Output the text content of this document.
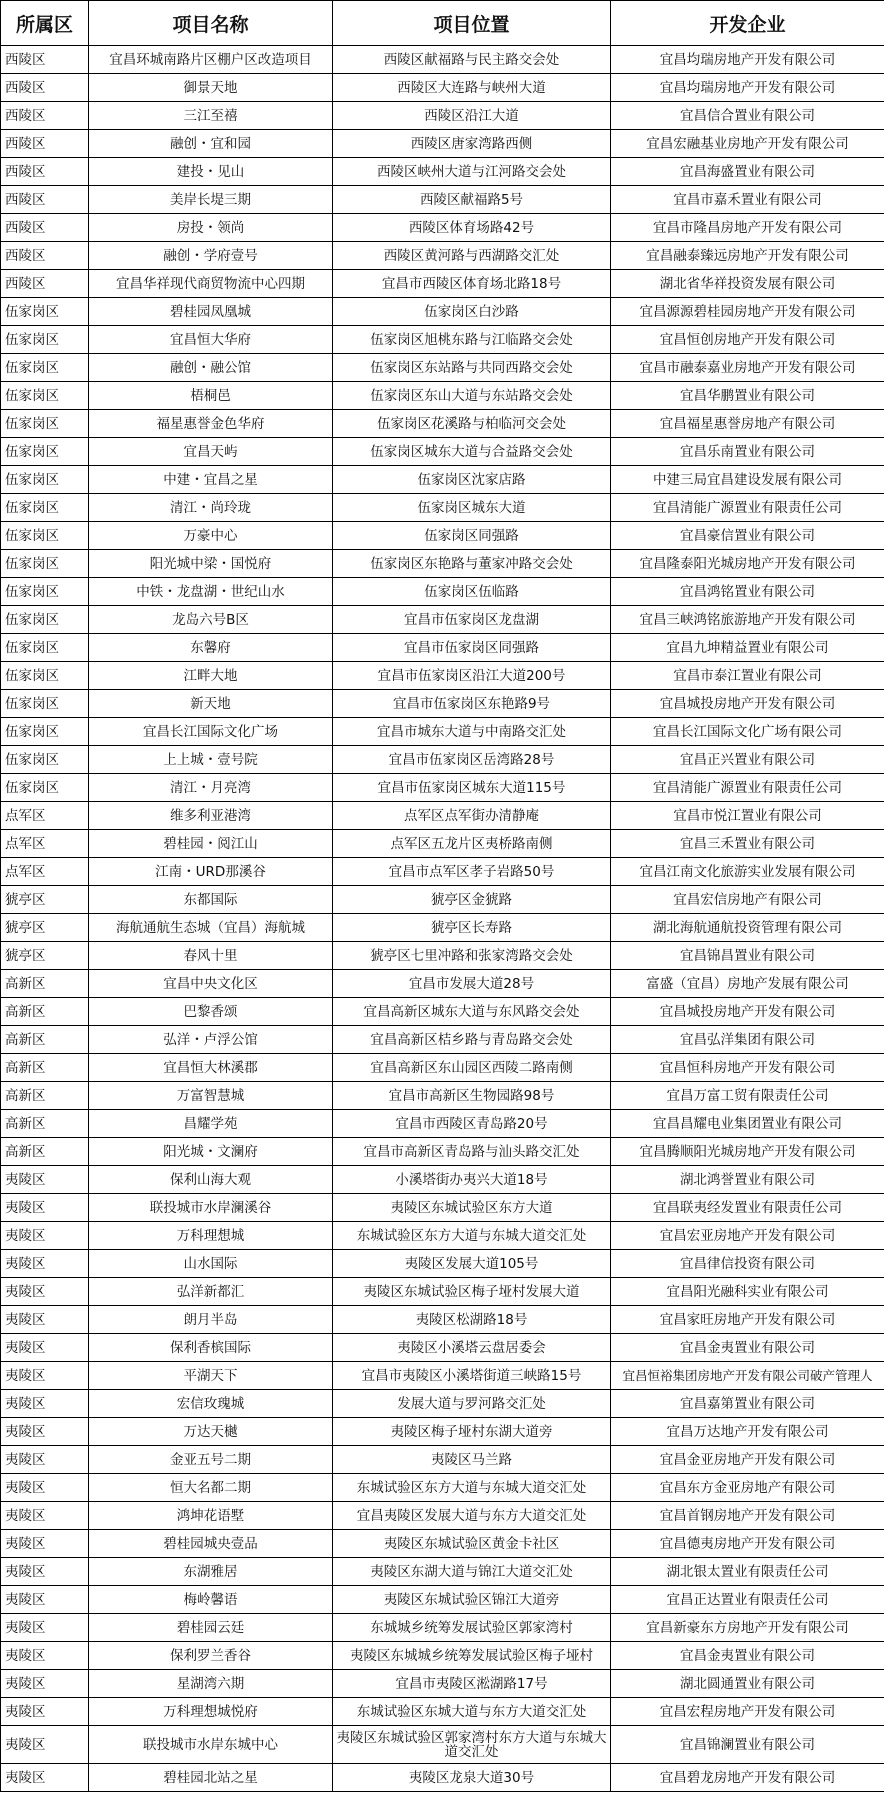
所属区	项目名称	项目位置	开发企业
西陵区	宜昌环城南路片区棚户区改造项目	西陵区献福路与民主路交会处	宜昌均瑞房地产开发有限公司
西陵区	御景天地	西陵区大连路与峡州大道	宜昌均瑞房地产开发有限公司
西陵区	三江至禧	西陵区沿江大道	宜昌信合置业有限公司
西陵区	融创・宜和园	西陵区唐家湾路西侧	宜昌宏融基业房地产开发有限公司
西陵区	建投・见山	西陵区峡州大道与江河路交会处	宜昌海盛置业有限公司
西陵区	美岸长堤三期	西陵区献福路5号	宜昌市嘉禾置业有限公司
西陵区	房投・领尚	西陵区体育场路42号	宜昌市隆昌房地产开发有限公司
西陵区	融创・学府壹号	西陵区黄河路与西湖路交汇处	宜昌融泰臻远房地产开发有限公司
西陵区	宜昌华祥现代商贸物流中心四期	宜昌市西陵区体育场北路18号	湖北省华祥投资发展有限公司
伍家岗区	碧桂园凤凰城	伍家岗区白沙路	宜昌源源碧桂园房地产开发有限公司
伍家岗区	宜昌恒大华府	伍家岗区旭桃东路与江临路交会处	宜昌恒创房地产开发有限公司
伍家岗区	融创・融公馆	伍家岗区东站路与共同西路交会处	宜昌市融泰嘉业房地产开发有限公司
伍家岗区	梧桐邑	伍家岗区东山大道与东站路交会处	宜昌华鹏置业有限公司
伍家岗区	福星惠誉金色华府	伍家岗区花溪路与柏临河交会处	宜昌福星惠誉房地产有限公司
伍家岗区	宜昌天屿	伍家岗区城东大道与合益路交会处	宜昌乐南置业有限公司
伍家岗区	中建・宜昌之星	伍家岗区沈家店路	中建三局宜昌建设发展有限公司
伍家岗区	清江・尚玲珑	伍家岗区城东大道	宜昌清能广源置业有限责任公司
伍家岗区	万豪中心	伍家岗区同强路	宜昌豪信置业有限公司
伍家岗区	阳光城中梁・国悦府	伍家岗区东艳路与董家冲路交会处	宜昌隆泰阳光城房地产开发有限公司
伍家岗区	中铁・龙盘湖・世纪山水	伍家岗区伍临路	宜昌鸿铭置业有限公司
伍家岗区	龙岛六号B区	宜昌市伍家岗区龙盘湖	宜昌三峡鸿铭旅游地产开发有限公司
伍家岗区	东馨府	宜昌市伍家岗区同强路	宜昌九坤精益置业有限公司
伍家岗区	江畔大地	宜昌市伍家岗区沿江大道200号	宜昌市泰江置业有限公司
伍家岗区	新天地	宜昌市伍家岗区东艳路9号	宜昌城投房地产开发有限公司
伍家岗区	宜昌长江国际文化广场	宜昌市城东大道与中南路交汇处	宜昌长江国际文化广场有限公司
伍家岗区	上上城・壹号院	宜昌市伍家岗区岳湾路28号	宜昌正兴置业有限公司
伍家岗区	清江・月亮湾	宜昌市伍家岗区城东大道115号	宜昌清能广源置业有限责任公司
点军区	维多利亚港湾	点军区点军街办清静庵	宜昌市悦江置业有限公司
点军区	碧桂园・阅江山	点军区五龙片区夷桥路南侧	宜昌三禾置业有限公司
点军区	江南・URD那溪谷	宜昌市点军区孝子岩路50号	宜昌江南文化旅游实业发展有限公司
猇亭区	东都国际	猇亭区金猇路	宜昌宏信房地产有限公司
猇亭区	海航通航生态城（宜昌）海航城	猇亭区长寿路	湖北海航通航投资管理有限公司
猇亭区	春风十里	猇亭区七里冲路和张家湾路交会处	宜昌锦昌置业有限公司
高新区	宜昌中央文化区	宜昌市发展大道28号	富盛（宜昌）房地产发展有限公司
高新区	巴黎香颂	宜昌高新区城东大道与东风路交会处	宜昌城投房地产开发有限公司
高新区	弘洋・卢浮公馆	宜昌高新区桔乡路与青岛路交会处	宜昌弘洋集团有限公司
高新区	宜昌恒大林溪郡	宜昌高新区东山园区西陵二路南侧	宜昌恒科房地产开发有限公司
高新区	万富智慧城	宜昌市高新区生物园路98号	宜昌万富工贸有限责任公司
高新区	昌耀学苑	宜昌市西陵区青岛路20号	宜昌昌耀电业集团置业有限公司
高新区	阳光城・文澜府	宜昌市高新区青岛路与汕头路交汇处	宜昌腾顺阳光城房地产开发有限公司
夷陵区	保利山海大观	小溪塔街办夷兴大道18号	湖北鸿誉置业有限公司
夷陵区	联投城市水岸澜溪谷	夷陵区东城试验区东方大道	宜昌联夷经发置业有限责任公司
夷陵区	万科理想城	东城试验区东方大道与东城大道交汇处	宜昌宏亚房地产开发有限公司
夷陵区	山水国际	夷陵区发展大道105号	宜昌律信投资有限公司
夷陵区	弘洋新都汇	夷陵区东城试验区梅子垭村发展大道	宜昌阳光融科实业有限公司
夷陵区	朗月半岛	夷陵区松湖路18号	宜昌家旺房地产开发有限公司
夷陵区	保利香槟国际	夷陵区小溪塔云盘居委会	宜昌金夷置业有限公司
夷陵区	平湖天下	宜昌市夷陵区小溪塔街道三峡路15号	宜昌恒裕集团房地产开发有限公司破产管理人
夷陵区	宏信玫瑰城	发展大道与罗河路交汇处	宜昌嘉第置业有限公司
夷陵区	万达天樾	夷陵区梅子垭村东湖大道旁	宜昌万达地产开发有限公司
夷陵区	金亚五号二期	夷陵区马兰路	宜昌金亚房地产开发有限公司
夷陵区	恒大名都二期	东城试验区东方大道与东城大道交汇处	宜昌东方金亚房地产有限公司
夷陵区	鸿坤花语墅	宜昌夷陵区发展大道与东方大道交汇处	宜昌首钢房地产开发有限公司
夷陵区	碧桂园城央壹品	夷陵区东城试验区黄金卡社区	宜昌德夷房地产开发有限公司
夷陵区	东湖雅居	夷陵区东湖大道与锦江大道交汇处	湖北银太置业有限责任公司
夷陵区	梅岭馨语	夷陵区东城试验区锦江大道旁	宜昌正达置业有限责任公司
夷陵区	碧桂园云廷	东城城乡统筹发展试验区郭家湾村	宜昌新豪东方房地产开发有限公司
夷陵区	保利罗兰香谷	夷陵区东城城乡统筹发展试验区梅子垭村	宜昌金夷置业有限公司
夷陵区	星湖湾六期	宜昌市夷陵区淞湖路17号	湖北圆通置业有限公司
夷陵区	万科理想城悦府	东城试验区东城大道与东方大道交汇处	宜昌宏程房地产开发有限公司
夷陵区	联投城市水岸东城中心	夷陵区东城试验区郭家湾村东方大道与东城大道交汇处	宜昌锦澜置业有限公司
夷陵区	碧桂园北站之星	夷陵区龙泉大道30号	宜昌碧龙房地产开发有限公司
